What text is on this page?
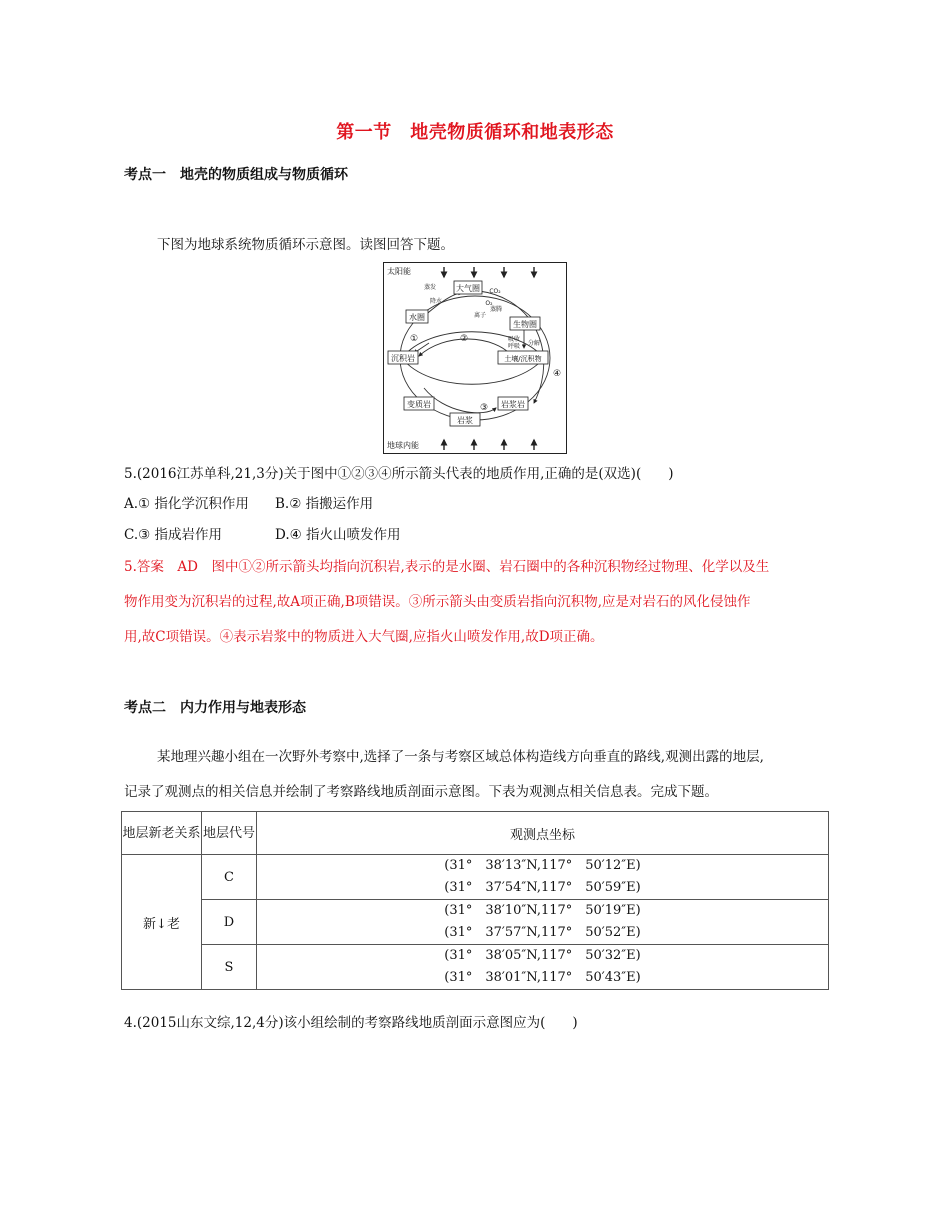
第一节　地壳物质循环和地表形态
考点一　地壳的物质组成与物质循环
下图为地球系统物质循环示意图。读图回答下题。
太阳能
地球内能
大气圈
水圈
生物圈
沉积岩	土壤/沉积物
变质岩	岩浆岩
岩浆
蒸发
降水
CO₂
O₂
离子
蒸腾
吸收
呼吸 分解
①	②
③
④
5.(2016江苏单科,21,3分)关于图中①②③④所示箭头代表的地质作用,正确的是(双选)(　　)
A.① 指化学沉积作用 B.② 指搬运作用
C.③ 指成岩作用	D.④ 指火山喷发作用
5.答案　AD　图中①②所示箭头均指向沉积岩,表示的是水圈、岩石圈中的各种沉积物经过物理、化学以及生
物作用变为沉积岩的过程,故A项正确,B项错误。③所示箭头由变质岩指向沉积物,应是对岩石的风化侵蚀作
用,故C项错误。④表示岩浆中的物质进入大气圈,应指火山喷发作用,故D项正确。
考点二　内力作用与地表形态
某地理兴趣小组在一次野外考察中,选择了一条与考察区域总体构造线方向垂直的路线,观测出露的地层,
记录了观测点的相关信息并绘制了考察路线地质剖面示意图。下表为观测点相关信息表。完成下题。
地层新老关系	地层代号	观测点坐标
新↓老	C	(31°　38′13″N,117°　50′12″E)
(31°　37′54″N,117°　50′59″E)

	D	(31°　38′10″N,117°　50′19″E)
(31°　37′57″N,117°　50′52″E)

	S	(31°　38′05″N,117°　50′32″E)
(31°　38′01″N,117°　50′43″E)
4.(2015山东文综,12,4分)该小组绘制的考察路线地质剖面示意图应为(　　)
